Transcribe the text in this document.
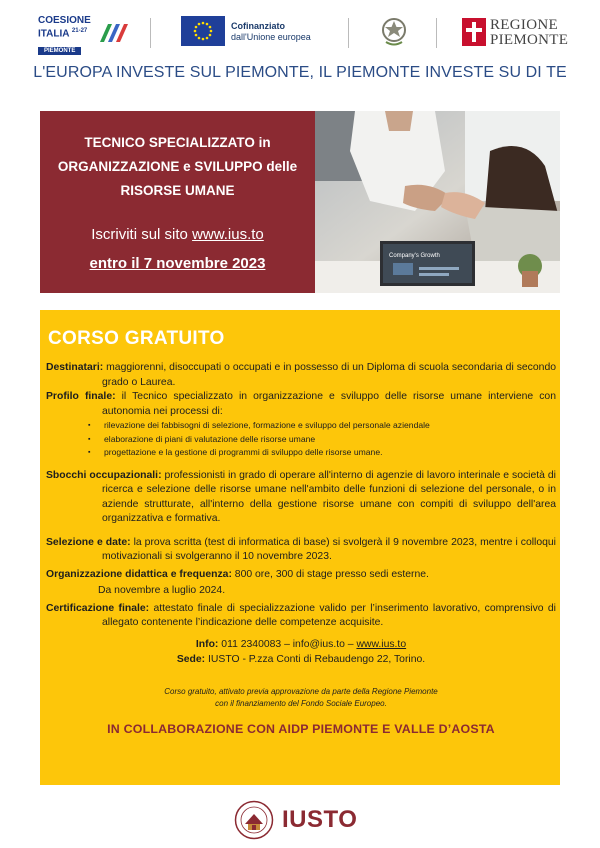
COESIONE
ITALIA $^{21-27}$
PIEMONTE
Cofinanziato
dall'Unione europea
REGIONE
PIEMONTE
L'EUROPA INVESTE SUL PIEMONTE, IL PIEMONTE INVESTE SU DI TE
TECNICO SPECIALIZZATO in
ORGANIZZAZIONE e SVILUPPO delle
RISORSE UMANE
Iscriviti sul sito www.ius.to
entro il 7 novembre 2023	Company's Growth
CORSO GRATUITO

Destinatari: maggiorenni, disoccupati o occupati e in possesso di un Diploma di scuola secondaria di secondo grado o Laurea.

Profilo finale: il Tecnico specializzato in organizzazione e sviluppo delle risorse umane interviene con autonomia nei processi di:

▪ rilevazione dei fabbisogni di selezione, formazione e sviluppo del personale aziendale
▪ elaborazione di piani di valutazione delle risorse umane
▪ progettazione e la gestione di programmi di sviluppo delle risorse umane.

Sbocchi occupazionali: professionisti in grado di operare all'interno di agenzie di lavoro interinale e società di ricerca e selezione delle risorse umane nell'ambito delle funzioni di selezione del personale, o in aziende strutturate, all'interno della gestione risorse umane con compiti di sviluppo dell'area organizzativa e formativa.

Selezione e date: la prova scritta (test di informatica di base) si svolgerà il 9 novembre 2023, mentre i colloqui motivazionali si svolgeranno il 10 novembre 2023.

Organizzazione didattica e frequenza: 800 ore, 300 di stage presso sedi esterne.

Da novembre a luglio 2024.

Certificazione finale: attestato finale di specializzazione valido per l’inserimento lavorativo, comprensivo di allegato contenente l’indicazione delle competenze acquisite.

Info: 011 2340083 – info@ius.to – www.ius.to
Sede: IUSTO - P.zza Conti di Rebaudengo 22, Torino.
Corso gratuito, attivato previa approvazione da parte della Regione Piemonte
con il finanziamento del Fondo Sociale Europeo.
IN COLLABORAZIONE CON AIDP PIEMONTE E VALLE D’AOSTA
IUSTO
